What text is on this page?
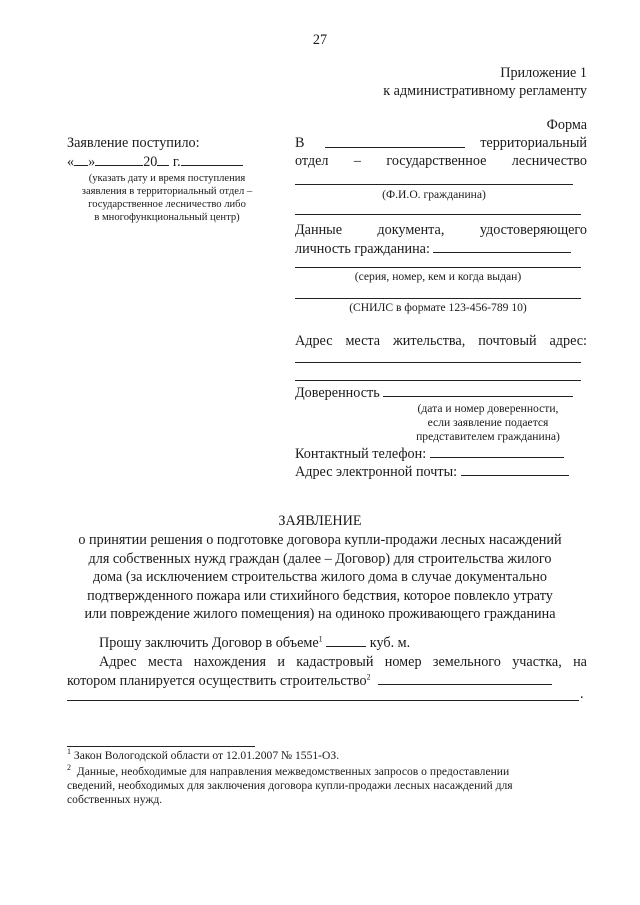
27
Приложение 1
к административному регламенту
Форма
Заявление поступило:
« »	20 г.
(указать дату и время поступления
заявления в территориальный отдел –
государственное лесничество либо
в многофункциональный центр)
В	территориальный
отдел – государственное лесничество
(Ф.И.О. гражданина)
Данные документа, удостоверяющего
личность гражданина:
(серия, номер, кем и когда выдан)
(СНИЛС в формате 123-456-789 10)
Адрес места жительства, почтовый адрес:
Доверенность
(дата и номер доверенности,
если заявление подается
представителем гражданина)
Контактный телефон:
Адрес электронной почты:
ЗАЯВЛЕНИЕ
о принятии решения о подготовке договора купли-продажи лесных насаждений
для собственных нужд граждан (далее – Договор) для строительства жилого
дома (за исключением строительства жилого дома в случае документально
подтвержденного пожара или стихийного бедствия, которое повлекло утрату
или повреждение жилого помещения) на одиноко проживающего гражданина
Прошу заключить Договор в объеме$^1$	куб. м.
Адрес места нахождения и кадастровый номер земельного участка, на
котором планируется осуществить строительство$^2$
.
$^1$ Закон Вологодской области от 12.01.2007 № 1551-ОЗ.
$^2$ Данные, необходимые для направления межведомственных запросов о предоставлении
сведений, необходимых для заключения договора купли-продажи лесных насаждений для
собственных нужд.
